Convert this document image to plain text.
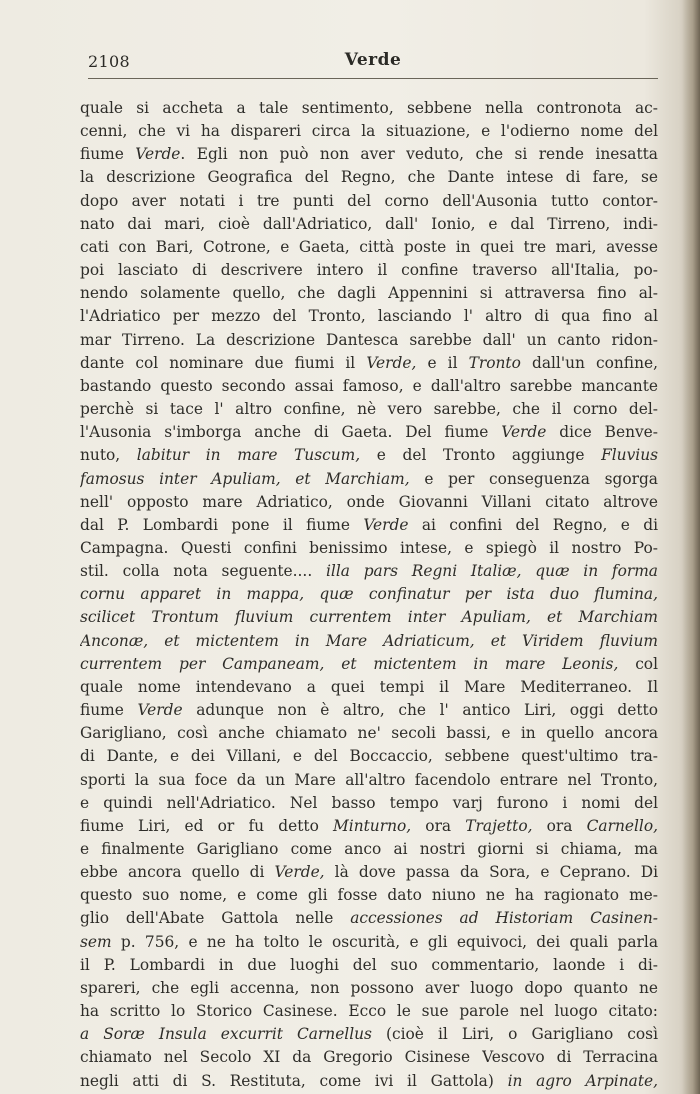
2108	Verde
quale si accheta a tale sentimento, sebbene nella contronota ac-
cenni, che vi ha dispareri circa la situazione, e l'odierno nome del
fiume Verde. Egli non può non aver veduto, che si rende inesatta
la descrizione Geografica del Regno, che Dante intese di fare, se
dopo aver notati i tre punti del corno dell'Ausonia tutto contor-
nato dai mari, cioè dall'Adriatico, dall' Ionio, e dal Tirreno, indi-
cati con Bari, Cotrone, e Gaeta, città poste in quei tre mari, avesse
poi lasciato di descrivere intero il confine traverso all'Italia, po-
nendo solamente quello, che dagli Appennini si attraversa fino al-
l'Adriatico per mezzo del Tronto, lasciando l' altro di qua fino al
mar Tirreno. La descrizione Dantesca sarebbe dall' un canto ridon-
dante col nominare due fiumi il Verde, e il Tronto dall'un confine,
bastando questo secondo assai famoso, e dall'altro sarebbe mancante
perchè si tace l' altro confine, nè vero sarebbe, che il corno del-
l'Ausonia s'imborga anche di Gaeta. Del fiume Verde dice Benve-
nuto, labitur in mare Tuscum, e del Tronto aggiunge Fluvius
famosus inter Apuliam, et Marchiam, e per conseguenza sgorga
nell' opposto mare Adriatico, onde Giovanni Villani citato altrove
dal P. Lombardi pone il fiume Verde ai confini del Regno, e di
Campagna. Questi confini benissimo intese, e spiegò il nostro Po-
stil. colla nota seguente.... illa pars Regni Italiæ, quæ in forma
cornu apparet in mappa, quæ confinatur per ista duo flumina,
scilicet Trontum fluvium currentem inter Apuliam, et Marchiam
Anconæ, et mictentem in Mare Adriaticum, et Viridem fluvium
currentem per Campaneam, et mictentem in mare Leonis, col
quale nome intendevano a quei tempi il Mare Mediterraneo. Il
fiume Verde adunque non è altro, che l' antico Liri, oggi detto
Garigliano, così anche chiamato ne' secoli bassi, e in quello ancora
di Dante, e dei Villani, e del Boccaccio, sebbene quest'ultimo tra-
sporti la sua foce da un Mare all'altro facendolo entrare nel Tronto,
e quindi nell'Adriatico. Nel basso tempo varj furono i nomi del
fiume Liri, ed or fu detto Minturno, ora Trajetto, ora Carnello,
e finalmente Garigliano come anco ai nostri giorni si chiama, ma
ebbe ancora quello di Verde, là dove passa da Sora, e Ceprano. Di
questo suo nome, e come gli fosse dato niuno ne ha ragionato me-
glio dell'Abate Gattola nelle accessiones ad Historiam Casinen-
sem p. 756, e ne ha tolto le oscurità, e gli equivoci, dei quali parla
il P. Lombardi in due luoghi del suo commentario, laonde i di-
spareri, che egli accenna, non possono aver luogo dopo quanto ne
ha scritto lo Storico Casinese. Ecco le sue parole nel luogo citato:
a Soræ Insula excurrit Carnellus (cioè il Liri, o Garigliano così
chiamato nel Secolo XI da Gregorio Cisinese Vescovo di Terracina
negli atti di S. Restituta, come ivi il Gattola) in agro Arpinate,
